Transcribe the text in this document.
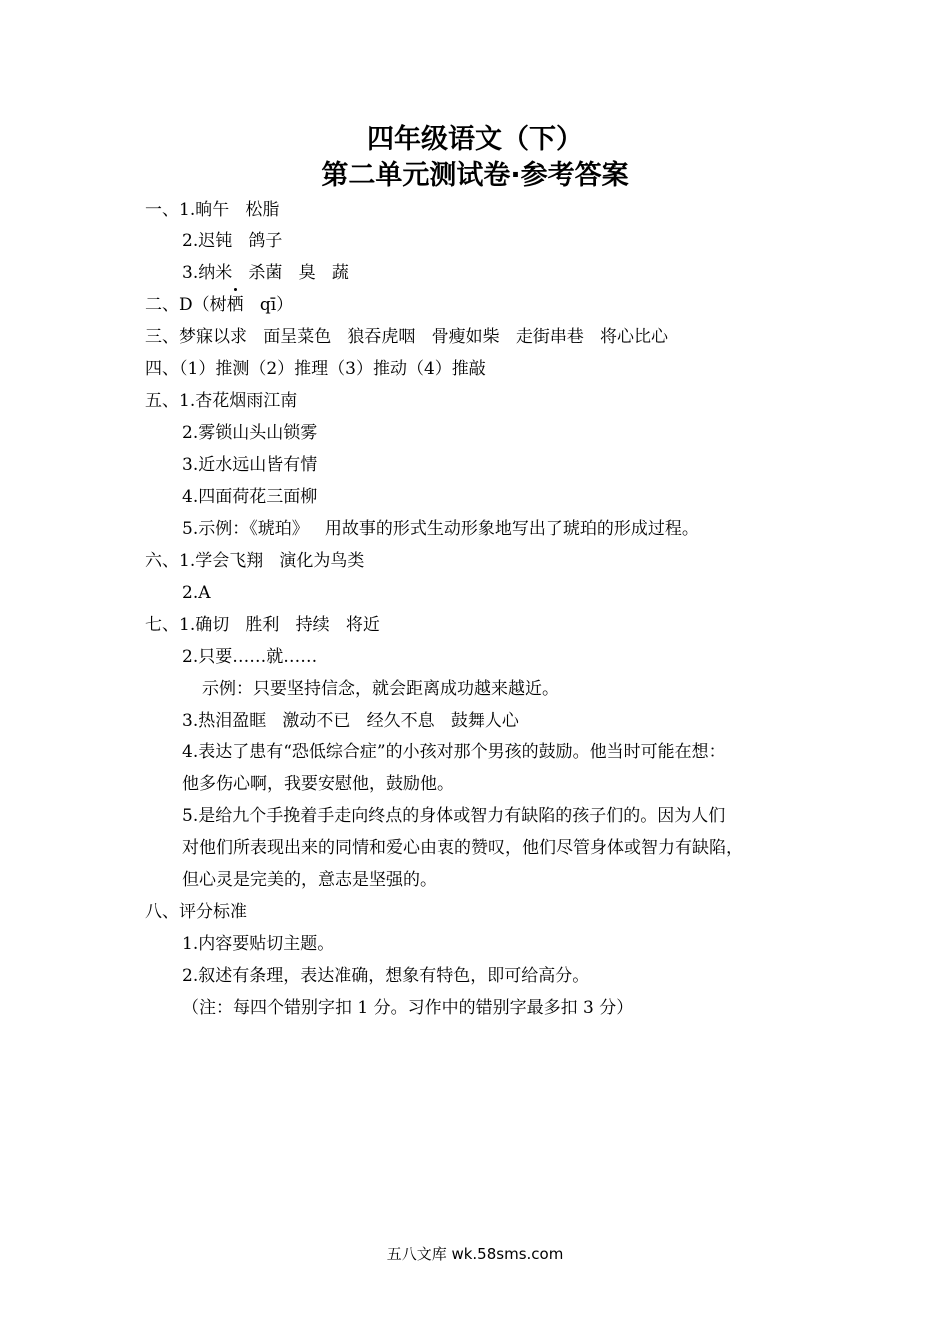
四年级语文（下）
第二单元测试卷·参考答案
一、1.晌午   松脂
2.迟钝   鸽子
3.纳米   杀菌   臭   蔬
二、D（树
栖   qī）
三、梦寐以求   面呈菜色   狼吞虎咽   骨瘦如柴   走街串巷   将心比心
四、（1）推测（2）推理（3）推动（4）推敲
五、1.杏花烟雨江南
2.雾锁山头山锁雾
3.近水远山皆有情
4.四面荷花三面柳
5.示例：《琥珀》   用故事的形式生动形象地写出了琥珀的形成过程。
六、1.学会飞翔   演化为鸟类
2.A
七、1.确切   胜利   持续   将近
2.只要……就……
示例：只要坚持信念，就会距离成功越来越近。
3.热泪盈眶   激动不已   经久不息   鼓舞人心
4.表达了患有“恐低综合症”的小孩对那个男孩的鼓励。他当时可能在想：
他多伤心啊，我要安慰他，鼓励他。
5.是给九个手挽着手走向终点的身体或智力有缺陷的孩子们的。因为人们
对他们所表现出来的同情和爱心由衷的赞叹，他们尽管身体或智力有缺陷，
但心灵是完美的，意志是坚强的。
八、评分标准
1.内容要贴切主题。
2.叙述有条理，表达准确，想象有特色，即可给高分。
（注：每四个错别字扣 1 分。习作中的错别字最多扣 3 分）
五八文库 wk.58sms.com
